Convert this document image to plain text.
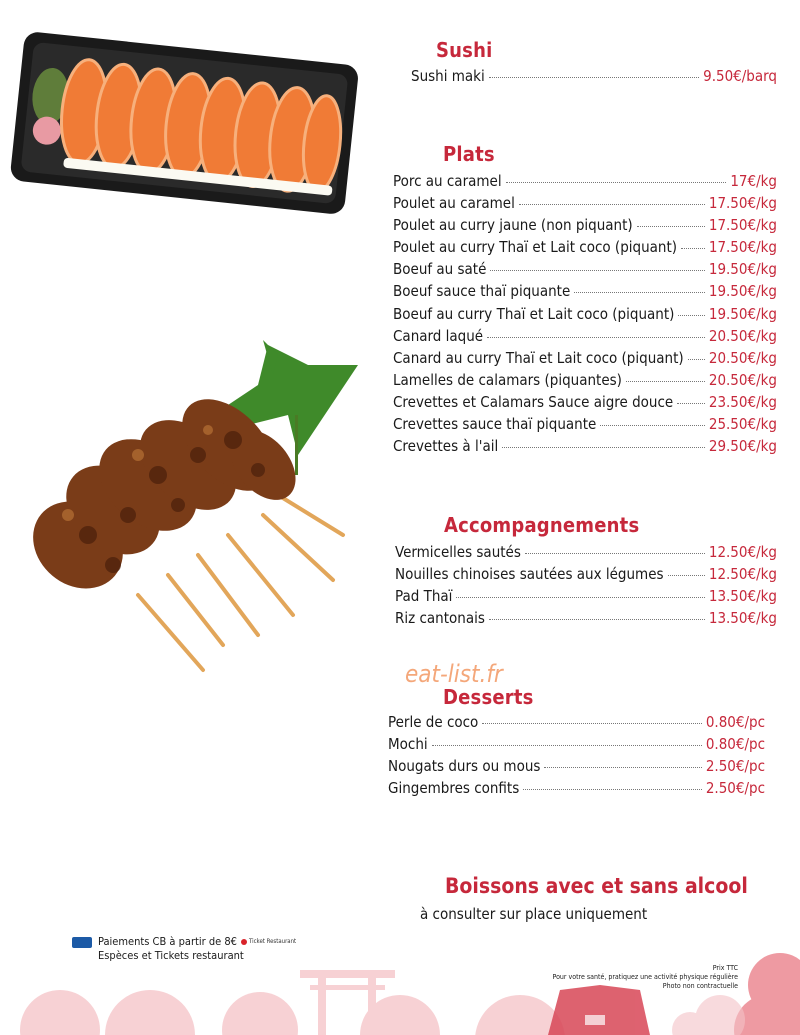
Sushi
Sushi maki	9.50€/barq
Plats
Porc au caramel	17€/kg
Poulet au caramel	17.50€/kg
Poulet au curry jaune (non piquant)	17.50€/kg
Poulet au curry Thaï et Lait coco (piquant) 17.50€/kg
Boeuf au saté	19.50€/kg
Boeuf sauce thaï piquante	19.50€/kg
Boeuf au curry Thaï et Lait coco (piquant) 19.50€/kg
Canard laqué	20.50€/kg
Canard au curry Thaï et Lait coco (piquant) 20.50€/kg
Lamelles de calamars (piquantes)	20.50€/kg
Crevettes et Calamars Sauce aigre douce 23.50€/kg
Crevettes sauce thaï piquante	25.50€/kg
Crevettes à l'ail	29.50€/kg
Accompagnements
Vermicelles sautés	12.50€/kg
Nouilles chinoises sautées aux légumes	12.50€/kg
Pad Thaï	13.50€/kg
Riz cantonais	13.50€/kg
eat-list.fr
Desserts
Perle de coco	0.80€/pc
Mochi	0.80€/pc
Nougats durs ou mous	2.50€/pc
Gingembres confits	2.50€/pc
Boissons avec et sans alcool
à consulter sur place uniquement
Paiements CB à partir de 8€ Ticket Restaurant
Espèces et Tickets restaurant
Prix TTC
Pour votre santé, pratiquez une activité physique régulière
Photo non contractuelle
